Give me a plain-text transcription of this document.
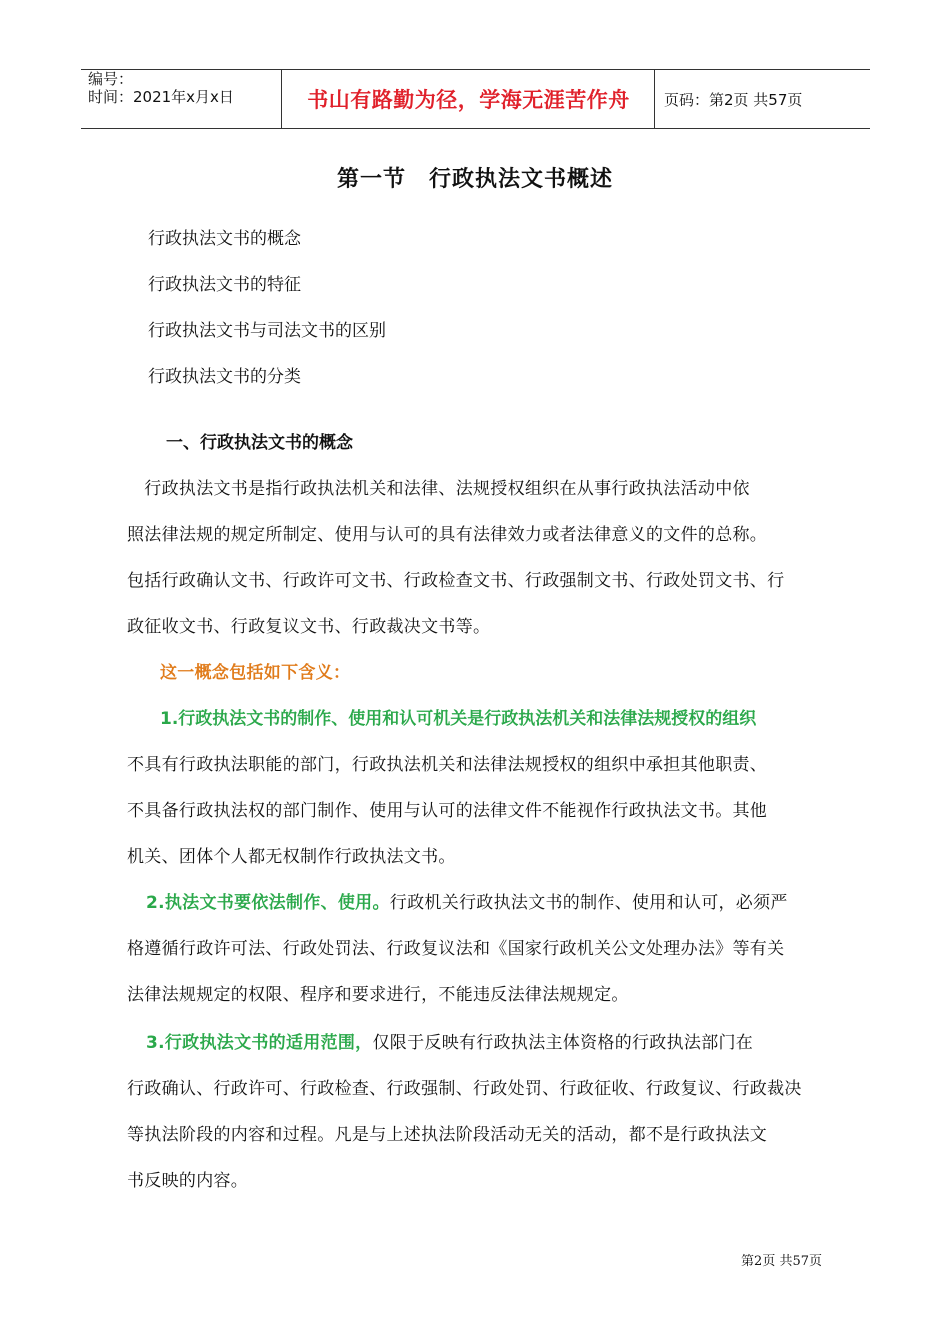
编号：
时间：2021年x月x日	书山有路勤为径，学海无涯苦作舟	页码：第2页 共57页
第一节　行政执法文书概述
行政执法文书的概念
行政执法文书的特征
行政执法文书与司法文书的区别
行政执法文书的分类
一、行政执法文书的概念
　行政执法文书是指行政执法机关和法律、法规授权组织在从事行政执法活动中依
照法律法规的规定所制定、使用与认可的具有法律效力或者法律意义的文件的总称。
包括行政确认文书、行政许可文书、行政检查文书、行政强制文书、行政处罚文书、行
政征收文书、行政复议文书、行政裁决文书等。
这一概念包括如下含义：
1.行政执法文书的制作、使用和认可机关是行政执法机关和法律法规授权的组织
不具有行政执法职能的部门，行政执法机关和法律法规授权的组织中承担其他职责、
不具备行政执法权的部门制作、使用与认可的法律文件不能视作行政执法文书。其他
机关、团体个人都无权制作行政执法文书。
2.执法文书要依法制作、使用。行政机关行政执法文书的制作、使用和认可，必须严
格遵循行政许可法、行政处罚法、行政复议法和《国家行政机关公文处理办法》等有关
法律法规规定的权限、程序和要求进行，不能违反法律法规规定。
3.行政执法文书的适用范围，仅限于反映有行政执法主体资格的行政执法部门在
行政确认、行政许可、行政检查、行政强制、行政处罚、行政征收、行政复议、行政裁决
等执法阶段的内容和过程。凡是与上述执法阶段活动无关的活动，都不是行政执法文
书反映的内容。
第2页 共57页
